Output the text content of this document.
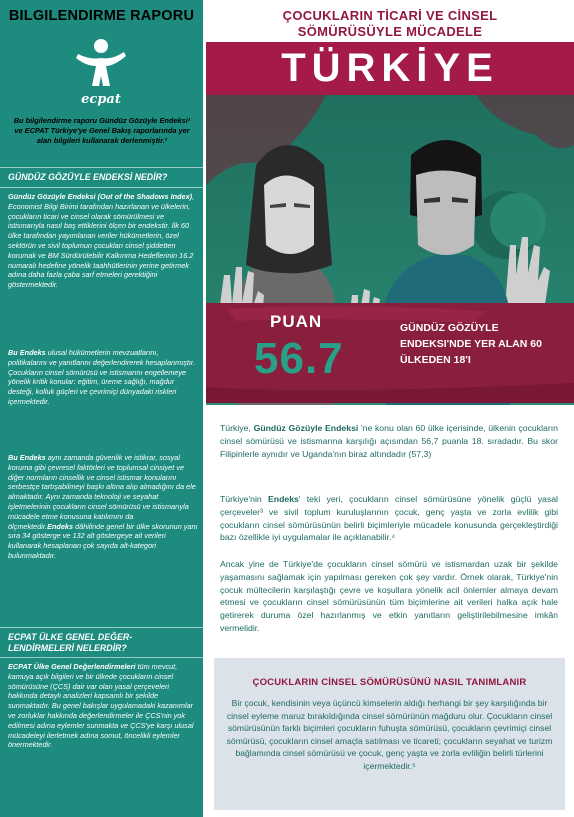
BILGILENDIRME RAPORU
ecpat
Bu bilgilendirme raporu Gündüz Gözüyle Endeksi¹ ve ECPAT Türkiye'ye Genel Bakış raporlarında yer alan bilgileri kullanarak derlenmiştir.²
GÜNDÜZ GÖZÜYLE ENDEKSİ NEDİR?
Gündüz Gözüyle Endeksi (Out of the Shadows Index), Economist Bilgi Birimi tarafından hazırlanan ve ülkelerin, çocukların ticari ve cinsel olarak sömürülmesi ve istismarıyla nasıl baş ettiklerini ölçen bir endekstir. İlk 60 ülke tarafından yayımlanan veriler hükümetlerin, özel sektörün ve sivil toplumun çocukları cinsel şiddetten korumak ve BM Sürdürülebilir Kalkınma Hedeflerinin 16.2 numaralı hedefine yönelik taahhütlerinin yerine getirmek adına daha fazla çaba sarf etmeleri gerektiğini göstermektedir.
Bu Endeks ulusal hükümetlerin mevzuatlarını, politikalarını ve yanıtlarını değerlendirerek hesaplanmıştır. Çocukların cinsel sömürüsü ve istismarını engellemeye yönelik kritik konular: eğitim, üreme sağlığı, mağdur desteği, kolluk güçleri ve çevrimiçi dünyadaki riskleri içermektedir.
Bu Endeks aynı zamanda güvenlik ve istikrar, sosyal koruma gibi çevresel faktörleri ve toplumsal cinsiyet ve diğer normların cinsellik ve cinsel istismar konularını serbestçe tartışabilmeyi başkı altına alıp almadığını da ele almaktadır. Aynı zamanda teknoloji ve seyahat işletmelerinin çocukların cinsel sömürüsü ve istismarıyla mücadele etme konusuna katılımını da ölçmektedir.Endeks dâhilinde genel bir ülke skorunun yanı sıra 34 gösterge ve 132 alt göstergeye ait verileri kullanarak hesaplanan çok sayıda alt-kategori bulunmaktadır.
ECPAT ÜLKE GENEL DEĞER-LENDİRMELERİ NELERDİR?
ECPAT Ülke Genel Değerlendirmeleri tüm mevcut, kamuya açık bilgileri ve bir ülkede çocukların cinsel sömürüsüne (ÇCS) dair var olan yasal çerçeveleri hakkında detaylı analizleri kapsamlı bir şekilde sunmaktadır. Bu genel bakışlar uygulamadaki kazanımlar ve zorluklar hakkında değerlendirmeler ile ÇCS'nin yok edilmesi adına eylemler sunmakta ve ÇCS'ye karşı ulusal mücadeleyi ilerletmek adına somut, öncelikli eylemler önermektedir.
ÇOCUKLARIN TİCARİ VE CİNSEL
SÖMÜRÜSÜYLE MÜCADELE
TÜRKİYE
PUAN
56.7
GÜNDÜZ GÖZÜYLE ENDEKSI'NDE YER ALAN 60 ÜLKEDEN 18'I
Türkiye, Gündüz Gözüyle Endeksi 'ne konu olan 60 ülke içerisinde, ülkenin çocukların cinsel sömürüsü ve istismarına karşılığı açısından 56,7 puanla 18. sıradadır. Bu skor Filipinlerle aynıdır ve Uganda'nın biraz altındadır (57,3)
Türkiye'nin Endeks' teki yeri, çocukların cinsel sömürüsüne yönelik güçlü yasal çerçeveler³ ve sivil toplum kuruluşlarının çocuk, genç yaşta ve zorla evlilik gibi çocukların cinsel sömürüsünün belirli biçimleriyle mücadele konusunda gerçekleştirdiği bazı özellikle iyi uygulamalar ile açıklanabilir.⁴
Ancak yine de Türkiye'de çocukların cinsel sömürü ve istismardan uzak bir şekilde yaşamasını sağlamak için yapılması gereken çok şey vardır. Örnek olarak, Türkiye'nin çocuk mültecilerin karşılaştığı çevre ve koşullara yönelik acil önlemler almaya devam etmesi ve çocukların cinsel sömürüsünün tüm biçimlerine ait verileri halka açık hale getirerek duruma özel hazırlanmış ve etkin yanıtların geliştirilebilmesine imkân vermelidir.
ÇOCUKLARIN CİNSEL SÖMÜRÜSÜNÜ NASIL TANIMLANIR
Bir çocuk, kendisinin veya üçüncü kimselerin aldığı herhangi bir şey karşılığında bir cinsel eyleme maruz bırakıldığında cinsel sömürünün mağduru olur. Çocukların cinsel sömürüsünün farklı biçimleri çocukların fuhuşta sömürüsü, çocukların çevrimiçi cinsel sömürüsü, çocukların cinsel amaçla satılması ve ticareti; çocukların seyahat ve turizm bağlamında cinsel sömürüsü ve çocuk, genç yaşta ve zorla evliliğin belirli türlerini içermektedir.⁵
